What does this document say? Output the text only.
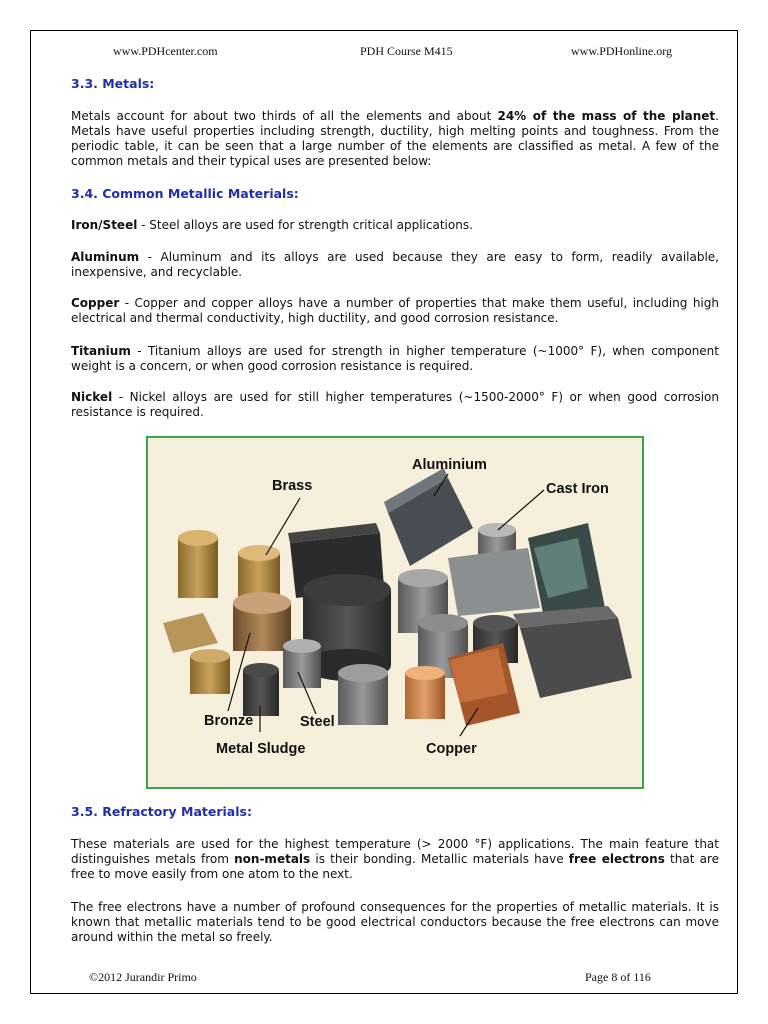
www.PDHcenter.com	PDH Course M415	www.PDHonline.org
3.3. Metals:
Metals account for about two thirds of all the elements and about 24% of the mass of the planet. Metals have useful properties including strength, ductility, high melting points and toughness. From the periodic table, it can be seen that a large number of the elements are classified as metal. A few of the common metals and their typical uses are presented below:
3.4. Common Metallic Materials:
Iron/Steel - Steel alloys are used for strength critical applications.
Aluminum - Aluminum and its alloys are used because they are easy to form, readily available, inexpensive, and recyclable.
Copper - Copper and copper alloys have a number of properties that make them useful, including high electrical and thermal conductivity, high ductility, and good corrosion resistance.
Titanium - Titanium alloys are used for strength in higher temperature (~1000° F), when component weight is a concern, or when good corrosion resistance is required.
Nickel - Nickel alloys are used for still higher temperatures (~1500-2000° F) or when good corrosion resistance is required.
Aluminium
Brass	Cast Iron
Bronze	Steel
Metal Sludge	Copper
3.5. Refractory Materials:
These materials are used for the highest temperature (> 2000 °F) applications. The main feature that distinguishes metals from non-metals is their bonding. Metallic materials have free electrons that are free to move easily from one atom to the next.
The free electrons have a number of profound consequences for the properties of metallic materials. It is known that metallic materials tend to be good electrical conductors because the free electrons can move around within the metal so freely.
©2012 Jurandir Primo	Page 8 of 116
